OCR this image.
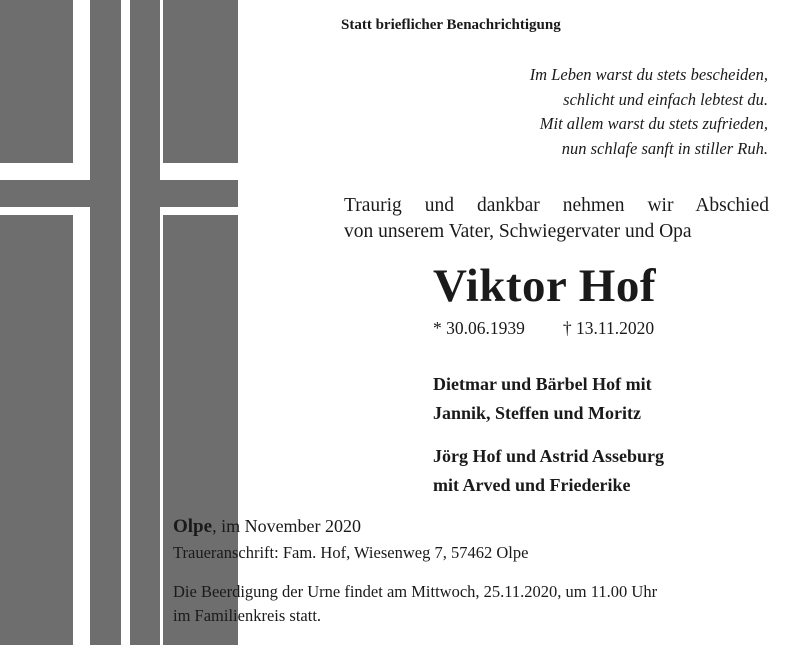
Statt brieflicher Benachrichtigung
Im Leben warst du stets bescheiden,
schlicht und einfach lebtest du.
Mit allem warst du stets zufrieden,
nun schlafe sanft in stiller Ruh.
Traurig und dankbar nehmen wir Abschied
von unserem Vater, Schwiegervater und Opa
Viktor Hof
* 30.06.1939 † 13.11.2020
Dietmar und Bärbel Hof mit
Jannik, Steffen und Moritz
Jörg Hof und Astrid Asseburg
mit Arved und Friederike
Olpe, im November 2020
Traueranschrift: Fam. Hof, Wiesenweg 7, 57462 Olpe
Die Beerdigung der Urne findet am Mittwoch, 25.11.2020, um 11.00 Uhr
im Familienkreis statt.
